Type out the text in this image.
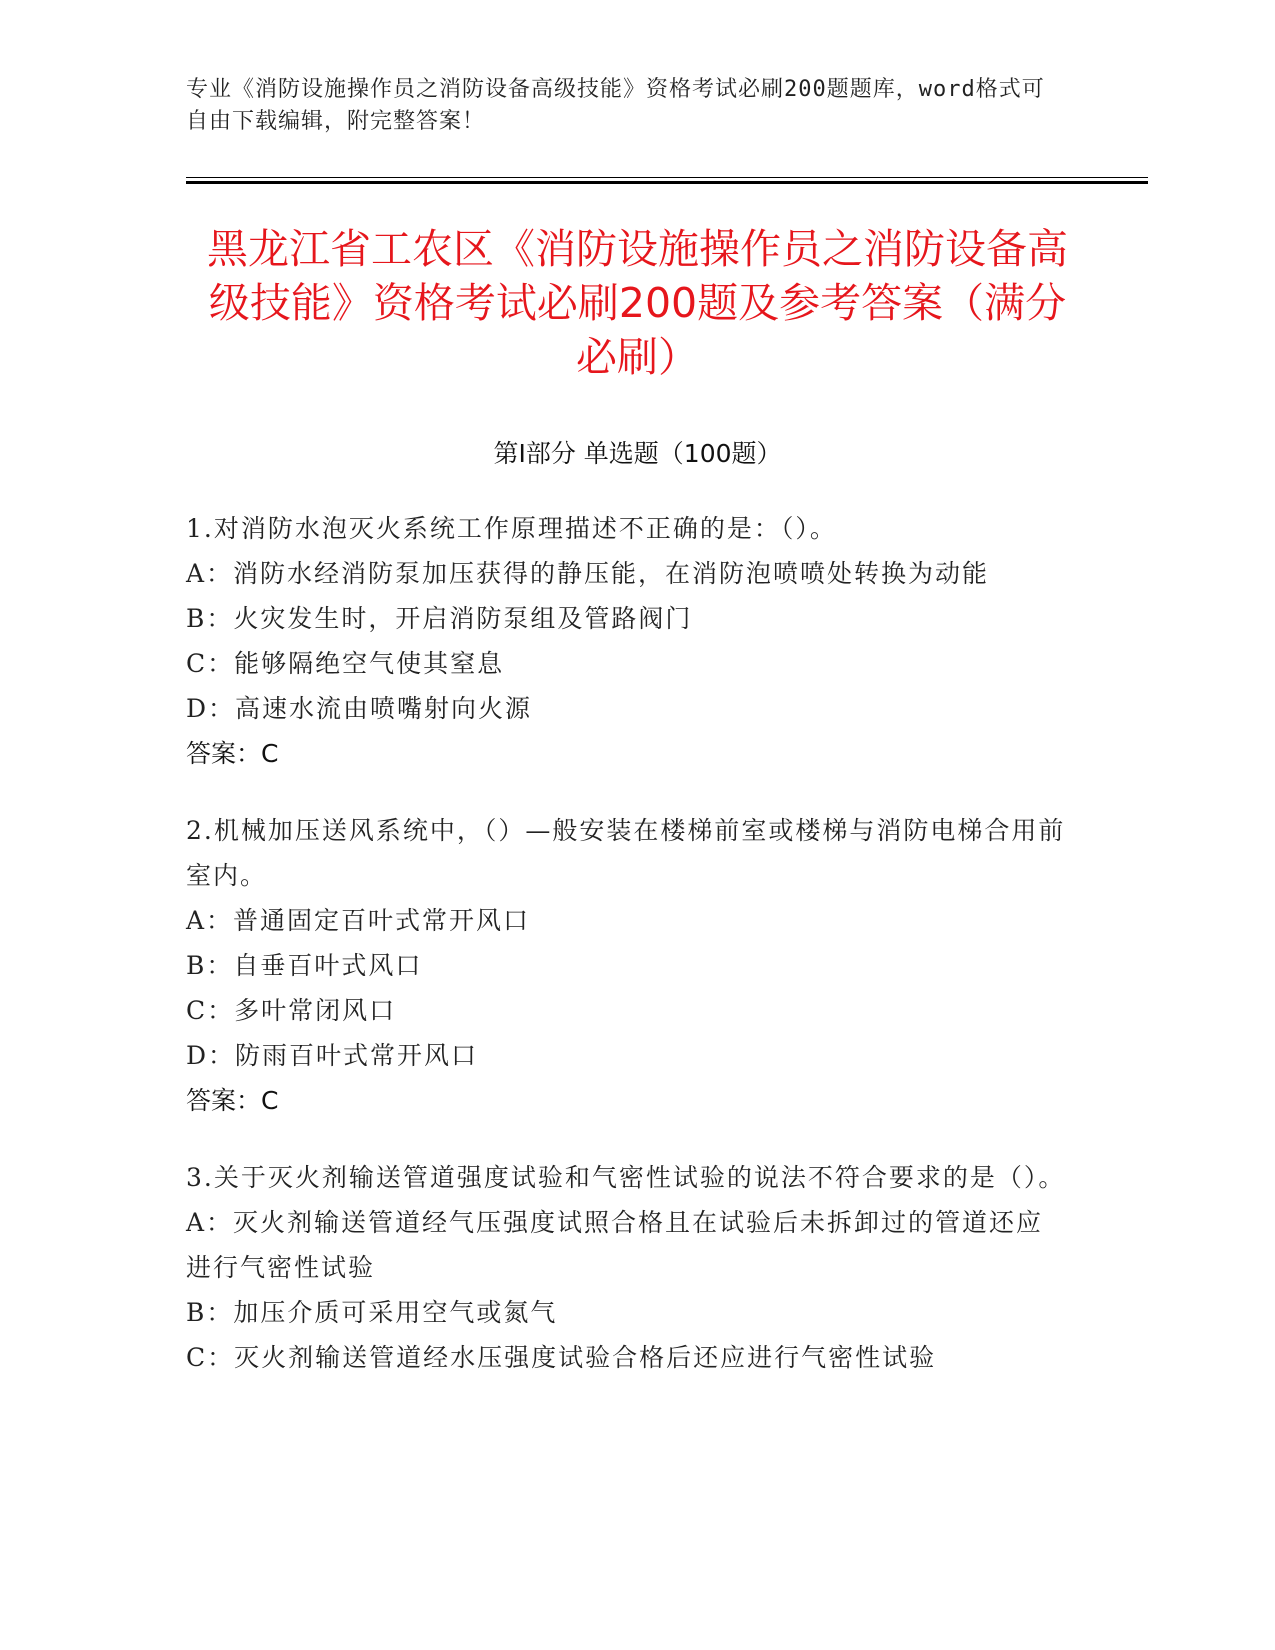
专业《消防设施操作员之消防设备高级技能》资格考试必刷200题题库，word格式可自由下载编辑，附完整答案！
黑龙江省工农区《消防设施操作员之消防设备高级技能》资格考试必刷200题及参考答案（满分必刷）
第Ⅰ部分 单选题（100题）
1.对消防水泡灭火系统工作原理描述不正确的是：（）。
A：消防水经消防泵加压获得的静压能，在消防泡喷喷处转换为动能
B：火灾发生时，开启消防泵组及管路阀门
C：能够隔绝空气使其窒息
D：高速水流由喷嘴射向火源
答案：C
2.机械加压送风系统中，（）—般安装在楼梯前室或楼梯与消防电梯合用前室内。
A：普通固定百叶式常开风口
B：自垂百叶式风口
C：多叶常闭风口
D：防雨百叶式常开风口
答案：C
3.关于灭火剂输送管道强度试验和气密性试验的说法不符合要求的是（）。
A：灭火剂输送管道经气压强度试照合格且在试验后未拆卸过的管道还应进行气密性试验
B：加压介质可采用空气或氮气
C：灭火剂输送管道经水压强度试验合格后还应进行气密性试验
